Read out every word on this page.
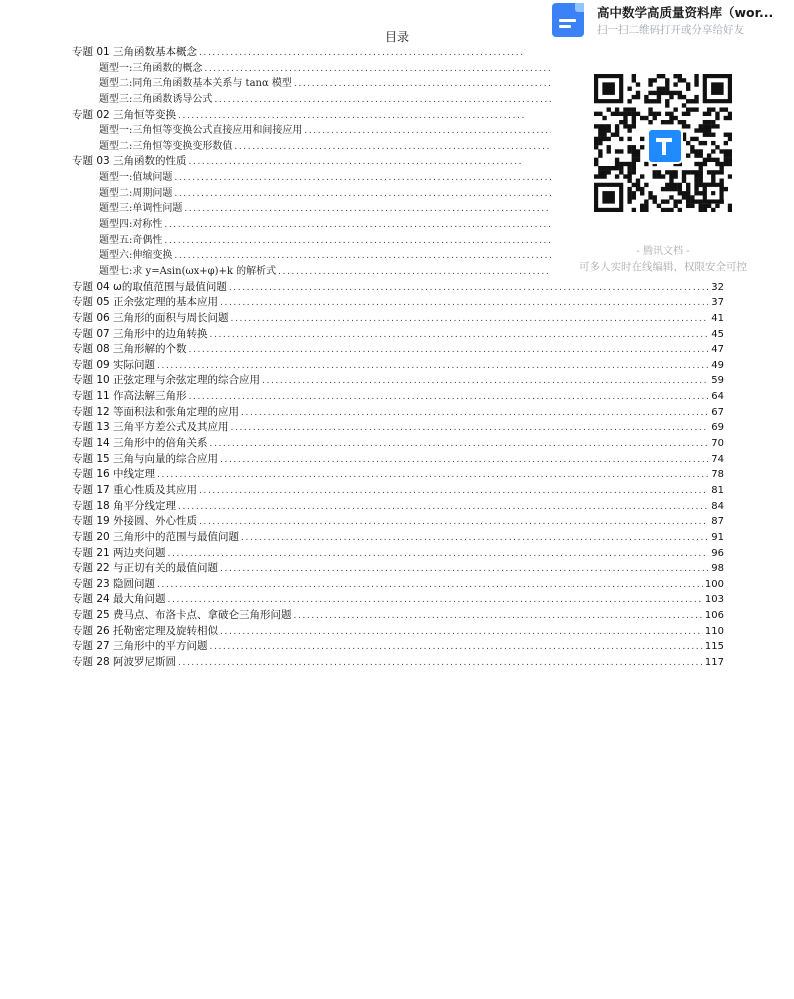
目录
专题 01 三角函数基本概念
.....
题型一:三角函数的概念
.....
题型二:同角三角函数基本关系与 tanα 模型
.....
题型三:三角函数诱导公式
.....
专题 02 三角恒等变换
.....
题型一:三角恒等变换公式直接应用和间接应用
.....
题型二:三角恒等变换变形数值
.....
专题 03 三角函数的性质
.....
题型一:值域问题
.....
题型二:周期问题
.....
题型三:单调性问题
.....
题型四:对称性
.....
题型五:奇偶性
.....
题型六:伸缩变换
.....
题型七:求 y=Asin(ωx+φ)+k 的解析式
.....
专题 04 ω的取值范围与最值问题 .....	32
专题 05 正余弦定理的基本应用 .....	37
专题 06 三角形的面积与周长问题 .....	41
专题 07 三角形中的边角转换 .....	45
专题 08 三角形解的个数 .....	47
专题 09 实际问题 .....	49
专题 10 正弦定理与余弦定理的综合应用 .....	59
专题 11 作高法解三角形 .....	64
专题 12 等面积法和张角定理的应用 .....	67
专题 13 三角平方差公式及其应用 .....	69
专题 14 三角形中的倍角关系 .....	70
专题 15 三角与向量的综合应用 .....	74
专题 16 中线定理 .....	78
专题 17 重心性质及其应用 .....	81
专题 18 角平分线定理 .....	84
专题 19 外接圆、外心性质 .....	87
专题 20 三角形中的范围与最值问题 .....	91
专题 21 两边夹问题 .....	96
专题 22 与正切有关的最值问题 .....	98
专题 23 隐圆问题 .....	100
专题 24 最大角问题 .....	103
专题 25 费马点、布洛卡点、拿破仑三角形问题 .....	106
专题 26 托勒密定理及旋转相似 .....	110
专题 27 三角形中的平方问题 .....	115
专题 28 阿波罗尼斯圆 .....	117
高中数学高质量资料库（wor...
扫一扫二维码打开或分享给好友
- 腾讯文档 -
可多人实时在线编辑，权限安全可控
